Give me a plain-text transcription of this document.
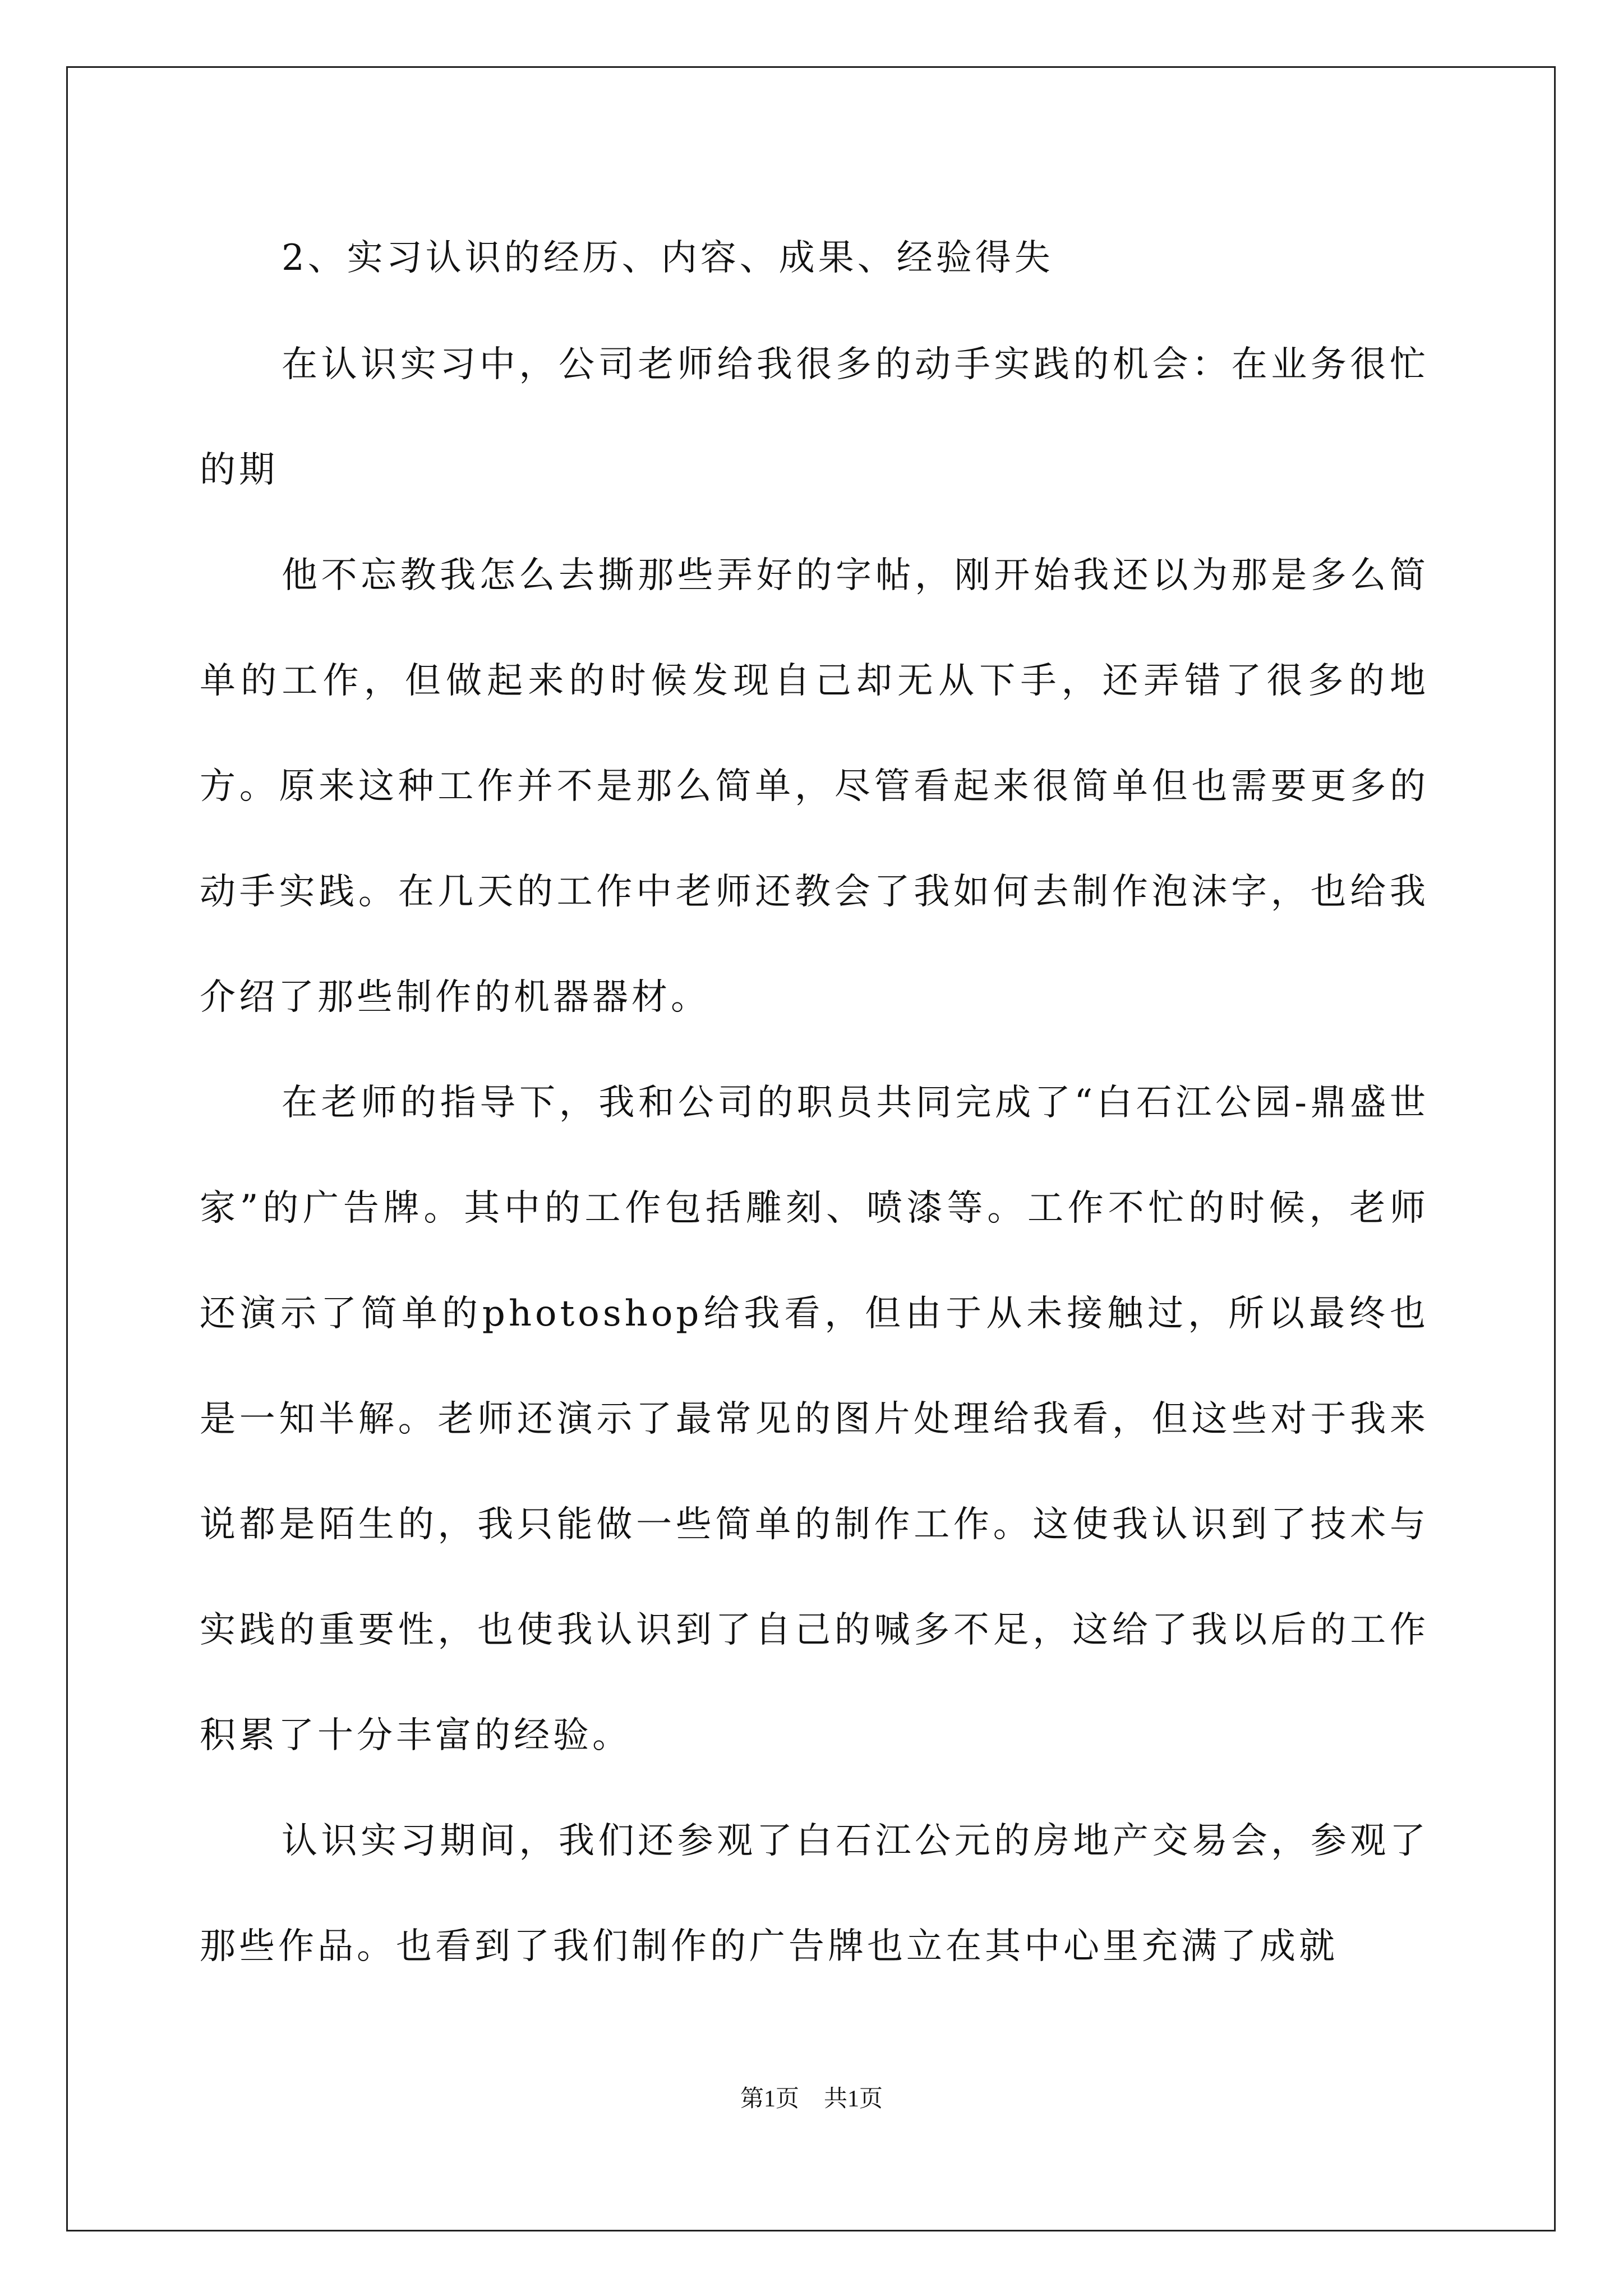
2、实习认识的经历、内容、成果、经验得失

在认识实习中，公司老师给我很多的动手实践的机会：在业务很忙的期

他不忘教我怎么去撕那些弄好的字帖，刚开始我还以为那是多么简单的工作，但做起来的时候发现自己却无从下手，还弄错了很多的地方。原来这种工作并不是那么简单，尽管看起来很简单但也需要更多的动手实践。在几天的工作中老师还教会了我如何去制作泡沫字，也给我介绍了那些制作的机器器材。

在老师的指导下，我和公司的职员共同完成了“白石江公园-鼎盛世家”的广告牌。其中的工作包括雕刻、喷漆等。工作不忙的时候，老师还演示了简单的photoshop给我看，但由于从未接触过，所以最终也是一知半解。老师还演示了最常见的图片处理给我看，但这些对于我来说都是陌生的，我只能做一些简单的制作工作。这使我认识到了技术与实践的重要性，也使我认识到了自己的喊多不足，这给了我以后的工作积累了十分丰富的经验。

认识实习期间，我们还参观了白石江公元的房地产交易会，参观了那些作品。也看到了我们制作的广告牌也立在其中心里充满了成就

第1页 共1页
